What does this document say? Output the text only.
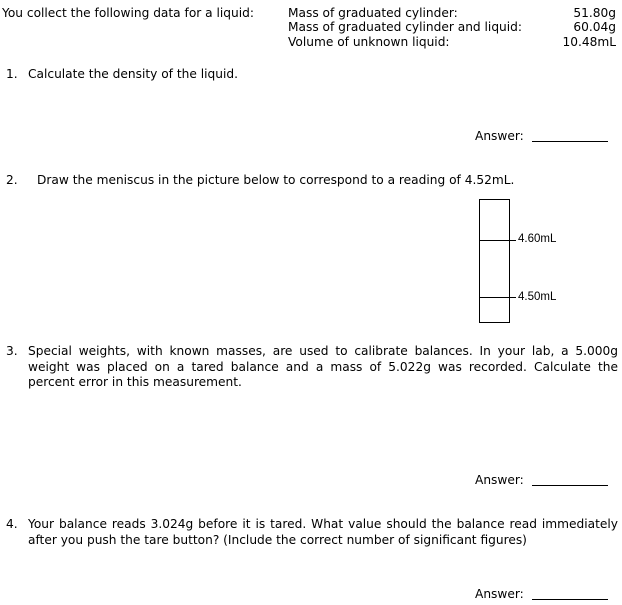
You collect the following data for a liquid:	Mass of graduated cylinder:	51.80g
Mass of graduated cylinder and liquid:	60.04g
Volume of unknown liquid:	10.48mL
1. Calculate the density of the liquid.
Answer:
2. Draw the meniscus in the picture below to correspond to a reading of 4.52mL.
4.60mL
4.50mL
3. Special weights, with known masses, are used to calibrate balances. In your lab, a 5.000g weight was placed on a tared balance and a mass of 5.022g was recorded. Calculate the percent error in this measurement.
Answer:
4. Your balance reads 3.024g before it is tared. What value should the balance read immediately after you push the tare button? (Include the correct number of significant figures)
Answer:
